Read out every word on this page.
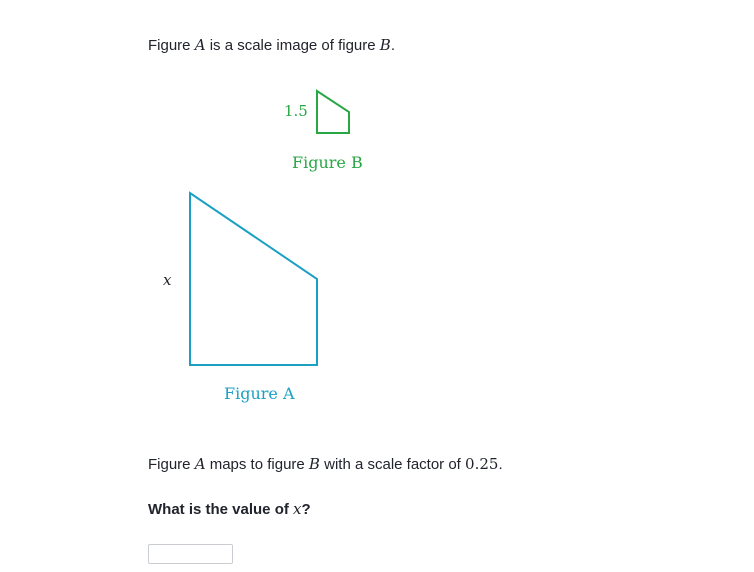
Figure A is a scale image of figure B.
1.5
Figure B
x
Figure A
Figure A maps to figure B with a scale factor of 0.25.
What is the value of x?
